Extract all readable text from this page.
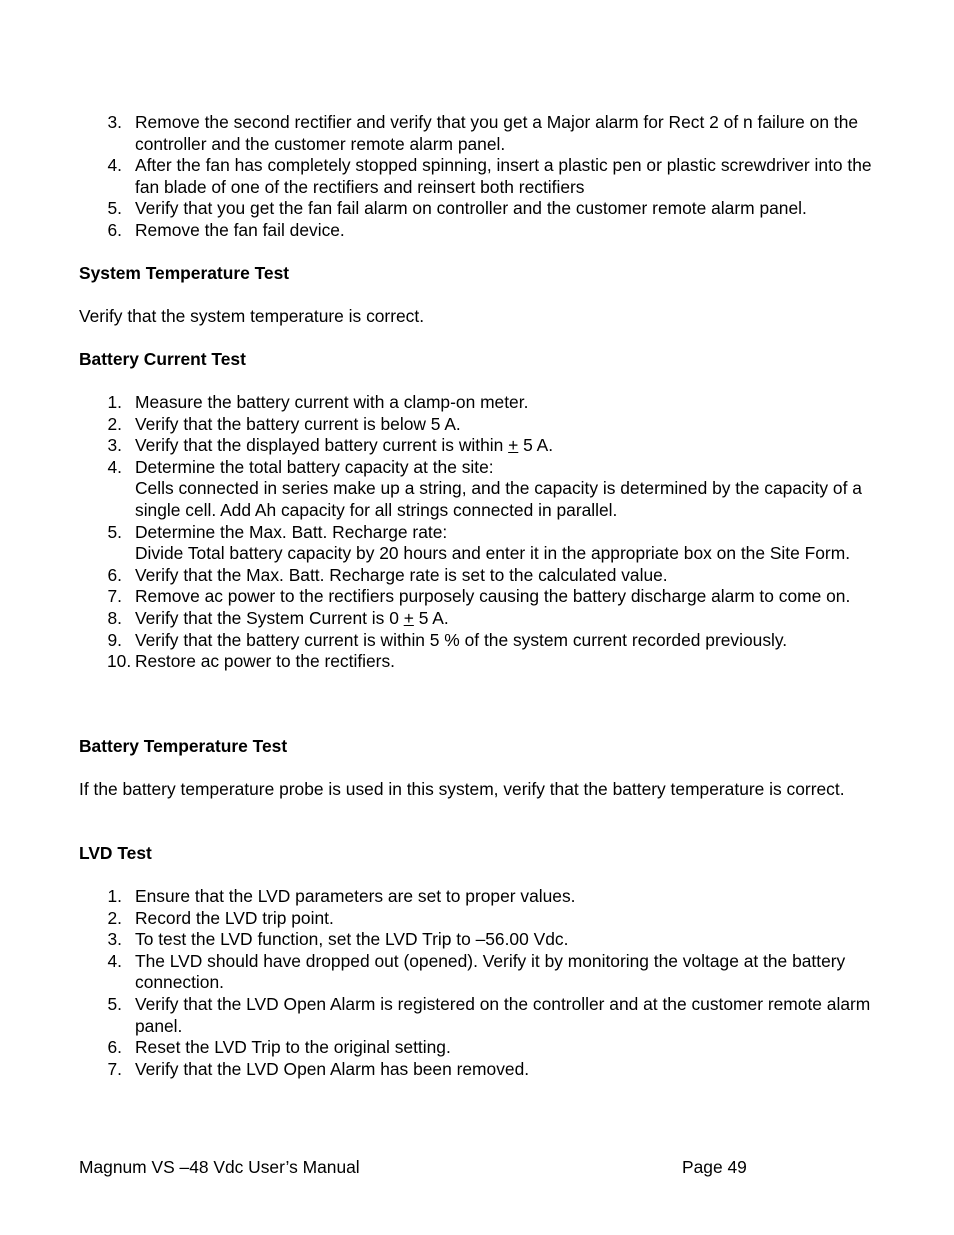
3. Remove the second rectifier and verify that you get a Major alarm for Rect 2 of n failure on the controller and the customer remote alarm panel.
4. After the fan has completely stopped spinning, insert a plastic pen or plastic screwdriver into the fan blade of one of the rectifiers and reinsert both rectifiers
5. Verify that you get the fan fail alarm on controller and the customer remote alarm panel.
6. Remove the fan fail device.
System Temperature Test
Verify that the system temperature is correct.
Battery Current Test
1. Measure the battery current with a clamp-on meter.
2. Verify that the battery current is below 5 A.
3. Verify that the displayed battery current is within + 5 A.
4. Determine the total battery capacity at the site:
Cells connected in series make up a string, and the capacity is determined by the capacity of a single cell. Add Ah capacity for all strings connected in parallel.
5. Determine the Max. Batt. Recharge rate:
Divide Total battery capacity by 20 hours and enter it in the appropriate box on the Site Form.
6. Verify that the Max. Batt. Recharge rate is set to the calculated value.
7. Remove ac power to the rectifiers purposely causing the battery discharge alarm to come on.
8. Verify that the System Current is 0 + 5 A.
9. Verify that the battery current is within 5 % of the system current recorded previously.
10. Restore ac power to the rectifiers.
Battery Temperature Test
If the battery temperature probe is used in this system, verify that the battery temperature is correct.
LVD Test
1. Ensure that the LVD parameters are set to proper values.
2. Record the LVD trip point.
3. To test the LVD function, set the LVD Trip to –56.00 Vdc.
4. The LVD should have dropped out (opened). Verify it by monitoring the voltage at the battery connection.
5. Verify that the LVD Open Alarm is registered on the controller and at the customer remote alarm panel.
6. Reset the LVD Trip to the original setting.
7. Verify that the LVD Open Alarm has been removed.
Magnum VS –48 Vdc User’s Manual	Page 49
